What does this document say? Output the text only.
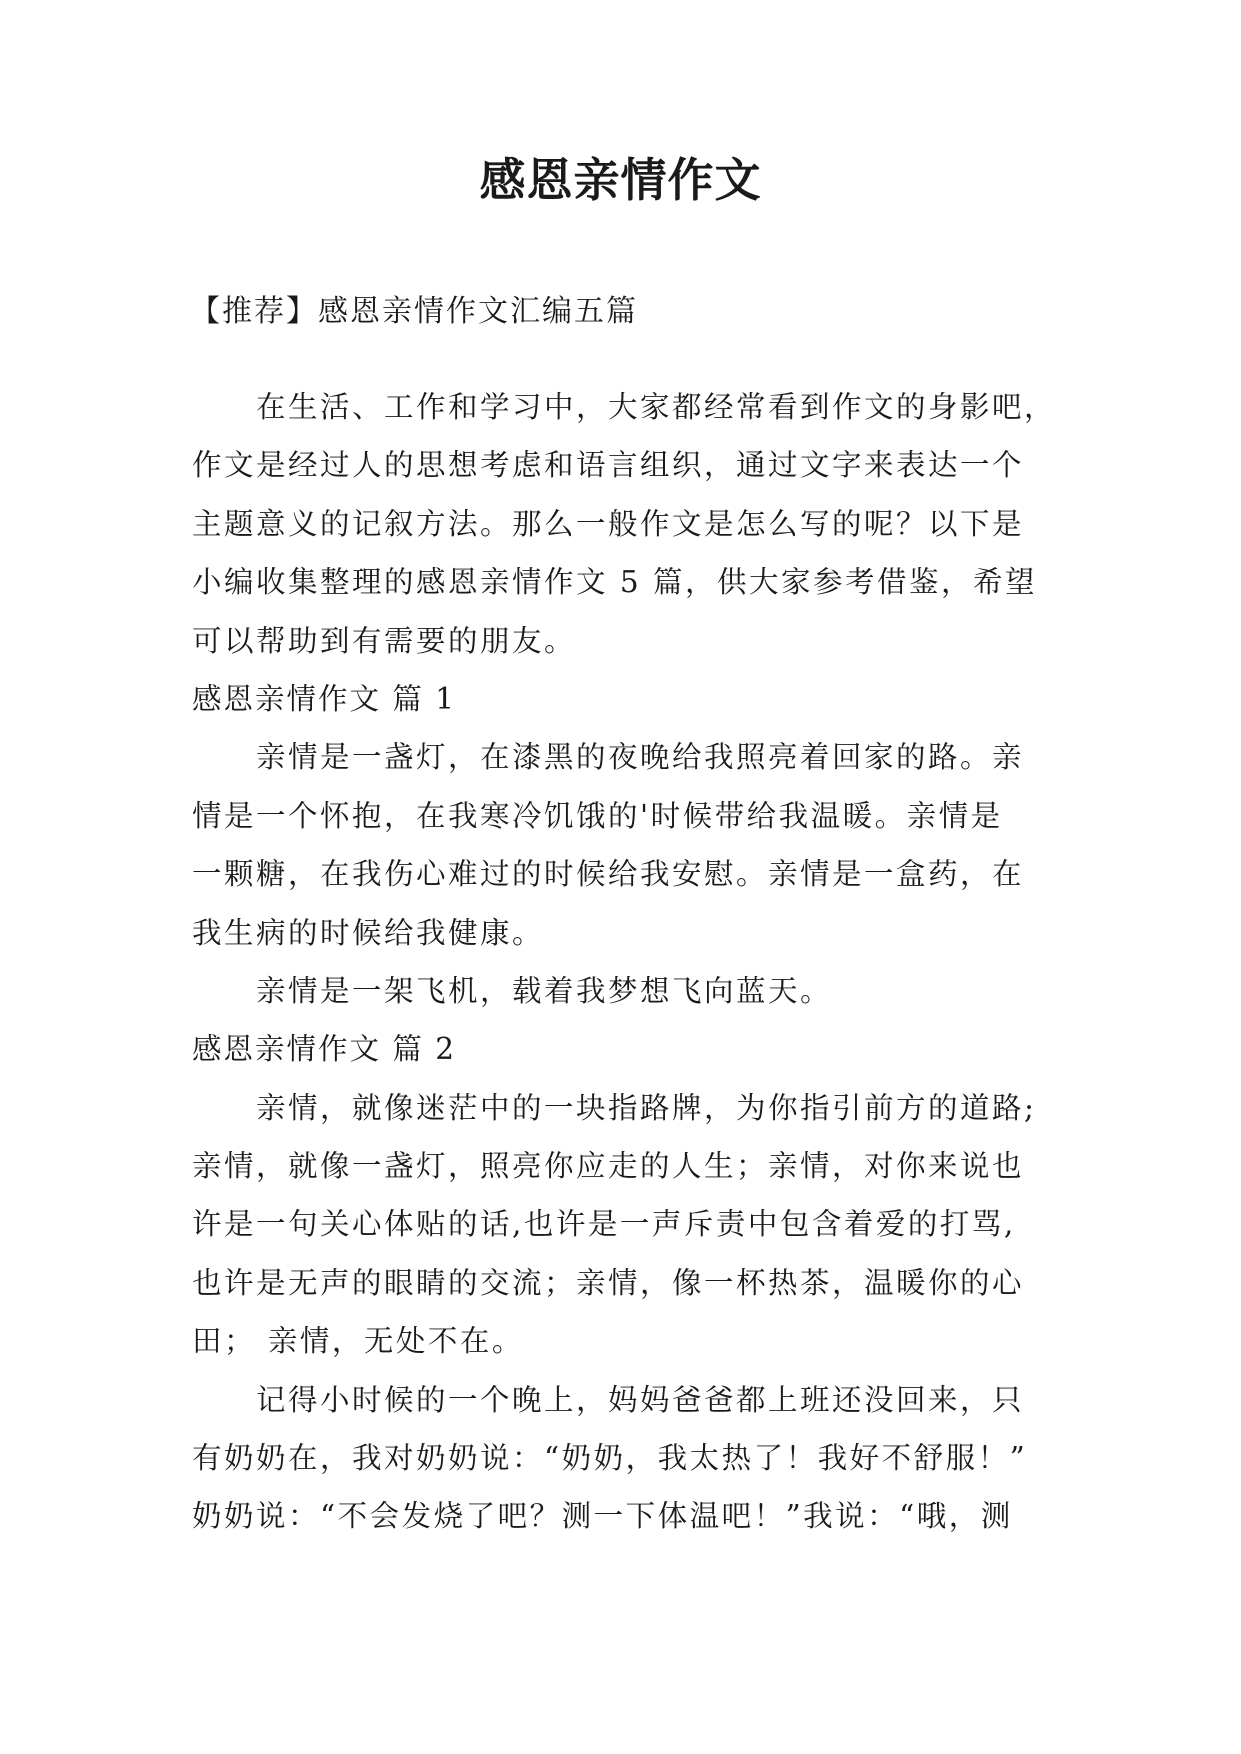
感恩亲情作文
【推荐】感恩亲情作文汇编五篇
在生活、工作和学习中，大家都经常看到作文的身影吧，
作文是经过人的思想考虑和语言组织，通过文字来表达一个
主题意义的记叙方法。那么一般作文是怎么写的呢？以下是
小编收集整理的感恩亲情作文 5 篇，供大家参考借鉴，希望
可以帮助到有需要的朋友。
感恩亲情作文 篇 1
亲情是一盏灯，在漆黑的夜晚给我照亮着回家的路。亲
情是一个怀抱，在我寒冷饥饿的'时候带给我温暖。亲情是
一颗糖，在我伤心难过的时候给我安慰。亲情是一盒药，在
我生病的时候给我健康。
亲情是一架飞机，载着我梦想飞向蓝天。
感恩亲情作文 篇 2
亲情，就像迷茫中的一块指路牌，为你指引前方的道路;
亲情，就像一盏灯，照亮你应走的人生；亲情，对你来说也
许是一句关心体贴的话,也许是一声斥责中包含着爱的打骂,
也许是无声的眼睛的交流；亲情，像一杯热茶，温暖你的心
田； 亲情，无处不在。
记得小时候的一个晚上，妈妈爸爸都上班还没回来，只
有奶奶在，我对奶奶说：“奶奶，我太热了！我好不舒服！”
奶奶说：“不会发烧了吧？测一下体温吧！”我说：“哦，测
